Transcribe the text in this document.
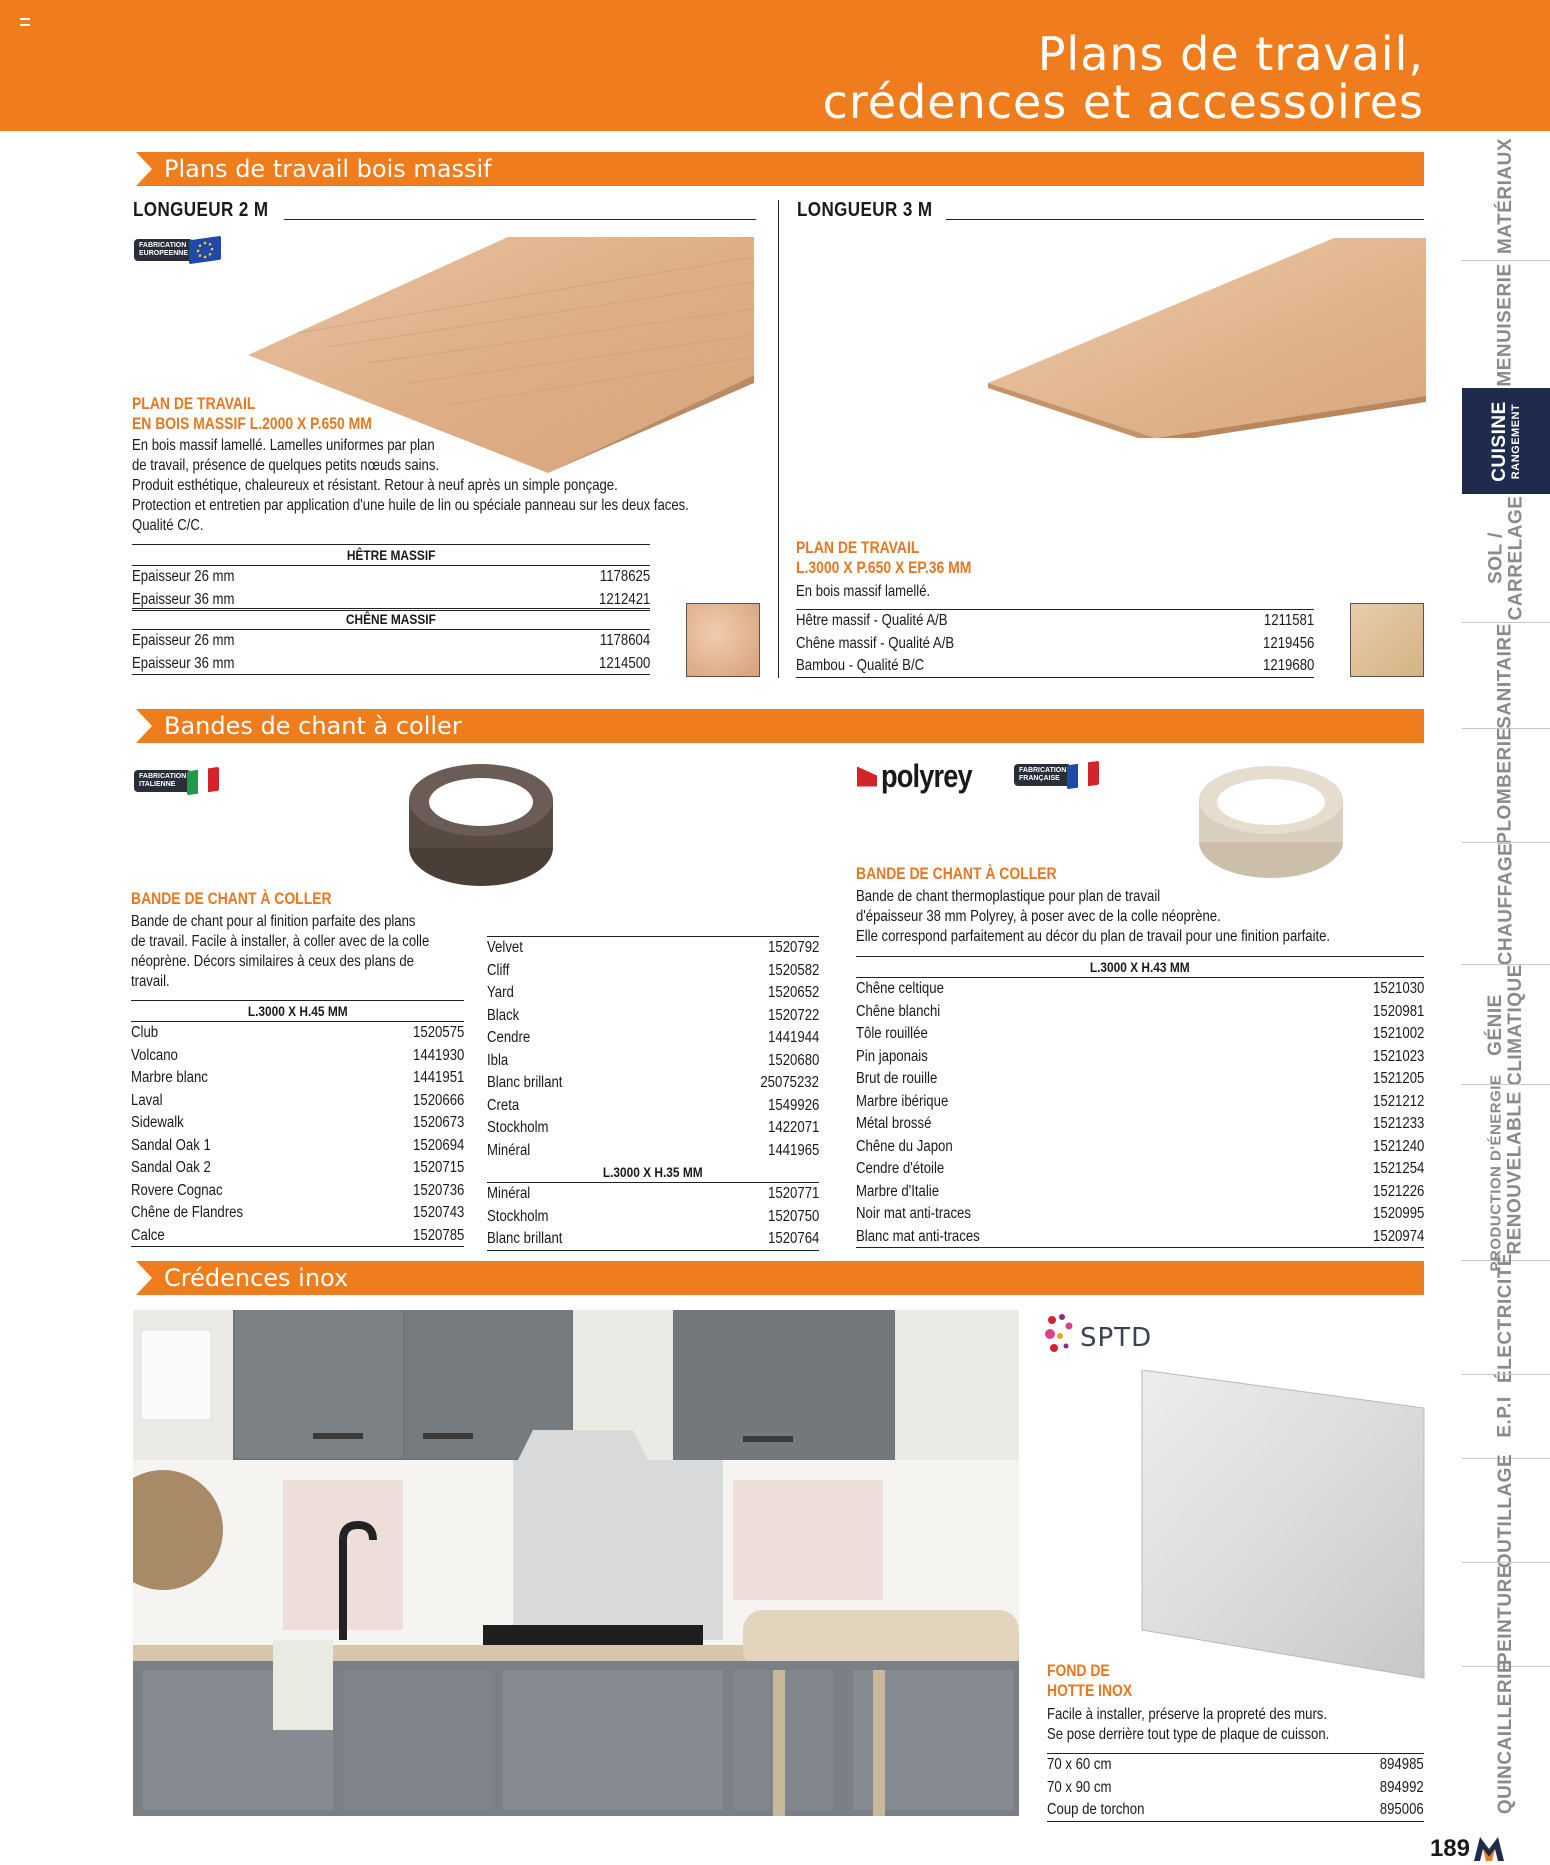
Plans de travail,
crédences et accessoires
Plans de travail bois massif
LONGUEUR 2 M
FABRICATION
EUROPEENNE
PLAN DE TRAVAIL
EN BOIS MASSIF L.2000 X P.650 MM
En bois massif lamellé. Lamelles uniformes par plan
de travail, présence de quelques petits nœuds sains.
Produit esthétique, chaleureux et résistant. Retour à neuf après un simple ponçage.
Protection et entretien par application d'une huile de lin ou spéciale panneau sur les deux faces.
Qualité C/C.
HÊTRE MASSIF	
Epaisseur 26 mm	1178625
Epaisseur 36 mm	1212421
CHÊNE MASSIF	
Epaisseur 26 mm	1178604
Epaisseur 36 mm	1214500
LONGUEUR 3 M
PLAN DE TRAVAIL
L.3000 X P.650 X EP.36 MM
En bois massif lamellé.
Hêtre massif - Qualité A/B	1211581
Chêne massif - Qualité A/B	1219456
Bambou - Qualité B/C	1219680
Bandes de chant à coller
FABRICATION
ITALIENNE
BANDE DE CHANT À COLLER
Bande de chant pour al finition parfaite des plans
de travail. Facile à installer, à coller avec de la colle
néoprène. Décors similaires à ceux des plans de
travail.
L.3000 X H.45 MM	
Club	1520575
Volcano	1441930
Marbre blanc	1441951
Laval	1520666
Sidewalk	1520673
Sandal Oak 1	1520694
Sandal Oak 2	1520715
Rovere Cognac	1520736
Chêne de Flandres	1520743
Calce	1520785
Velvet	1520792
Cliff	1520582
Yard	1520652
Black	1520722
Cendre	1441944
Ibla	1520680
Blanc brillant	25075232
Creta	1549926
Stockholm	1422071
Minéral	1441965
L.3000 X H.35 MM	
Minéral	1520771
Stockholm	1520750
Blanc brillant	1520764
polyrey	FABRICATION
FRANÇAISE
BANDE DE CHANT À COLLER
Bande de chant thermoplastique pour plan de travail
d'épaisseur 38 mm Polyrey, à poser avec de la colle néoprène.
Elle correspond parfaitement au décor du plan de travail pour une finition parfaite.
L.3000 X H.43 MM	
Chêne celtique	1521030
Chêne blanchi	1520981
Tôle rouillée	1521002
Pin japonais	1521023
Brut de rouille	1521205
Marbre ibérique	1521212
Métal brossé	1521233
Chêne du Japon	1521240
Cendre d'étoile	1521254
Marbre d'Italie	1521226
Noir mat anti-traces	1520995
Blanc mat anti-traces	1520974
Crédences inox
SPTD
FOND DE
HOTTE INOX
Facile à installer, préserve la propreté des murs.
Se pose derrière tout type de plaque de cuisson.
70 x 60 cm	894985
70 x 90 cm	894992
Coup de torchon	895006
MATÉRIAUX
MENUISERIE
CUISINE RANGEMENT
SOL / CARRELAGE
SANITAIRE
PLOMBERIE
CHAUFFAGE
GÉNIE CLIMATIQUE
PRODUCTION D'ÉNERGIE RENOUVELABLE
ÉLECTRICITÉ
E.P.I
OUTILLAGE
PEINTURE
QUINCAILLERIE
189
